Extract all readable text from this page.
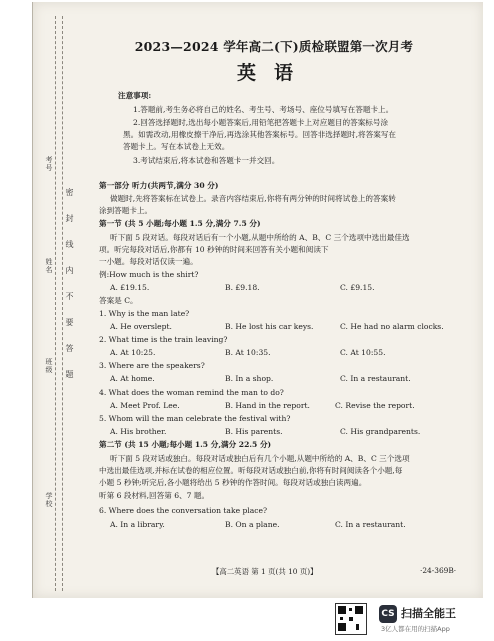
考号
姓名
班级
学校
密
封
线
内
不
要
答
题
2023—2024 学年高二(下)质检联盟第一次月考
英语
注意事项:
1.答题前,考生务必将自己的姓名、考生号、考场号、座位号填写在答题卡上。
2.回答选择题时,选出每小题答案后,用铅笔把答题卡上对应题目的答案标号涂
黑。如需改动,用橡皮擦干净后,再选涂其他答案标号。回答非选择题时,将答案写在
答题卡上。写在本试卷上无效。
3.考试结束后,将本试卷和答题卡一并交回。
第一部分 听力(共两节,满分 30 分)
做题时,先将答案标在试卷上。录音内容结束后,你将有两分钟的时间将试卷上的答案转
涂到答题卡上。
第一节 (共 5 小题;每小题 1.5 分,满分 7.5 分)
听下面 5 段对话。每段对话后有一个小题,从题中所给的 A、B、C 三个选项中选出最佳选
项。听完每段对话后,你都有 10 秒钟的时间来回答有关小题和阅读下
一小题。每段对话仅读一遍。
例:How much is the shirt?
A. £19.15.	B. £9.18.	C. £9.15.
答案是 C。
1. Why is the man late?
A. He overslept.	B. He lost his car keys.	C. He had no alarm clocks.
2. What time is the train leaving?
A. At 10:25.	B. At 10:35.	C. At 10:55.
3. Where are the speakers?
A. At home.	B. In a shop.	C. In a restaurant.
4. What does the woman remind the man to do?
A. Meet Prof. Lee.	B. Hand in the report.	C. Revise the report.
5. Whom will the man celebrate the festival with?
A. His brother.	B. His parents.	C. His grandparents.
第二节 (共 15 小题;每小题 1.5 分,满分 22.5 分)
听下面 5 段对话或独白。每段对话或独白后有几个小题,从题中所给的 A、B、C 三个选项
中选出最佳选项,并标在试卷的相应位置。听每段对话或独白前,你将有时间阅读各个小题,每
小题 5 秒钟;听完后,各小题将给出 5 秒钟的作答时间。每段对话或独白读两遍。
听第 6 段材料,回答第 6、7 题。
6. Where does the conversation take place?
A. In a library.	B. On a plane.	C. In a restaurant.
【高二英语 第 1 页(共 10 页)】	·24-369B·
CS 扫描全能王
3亿人都在用的扫描App
